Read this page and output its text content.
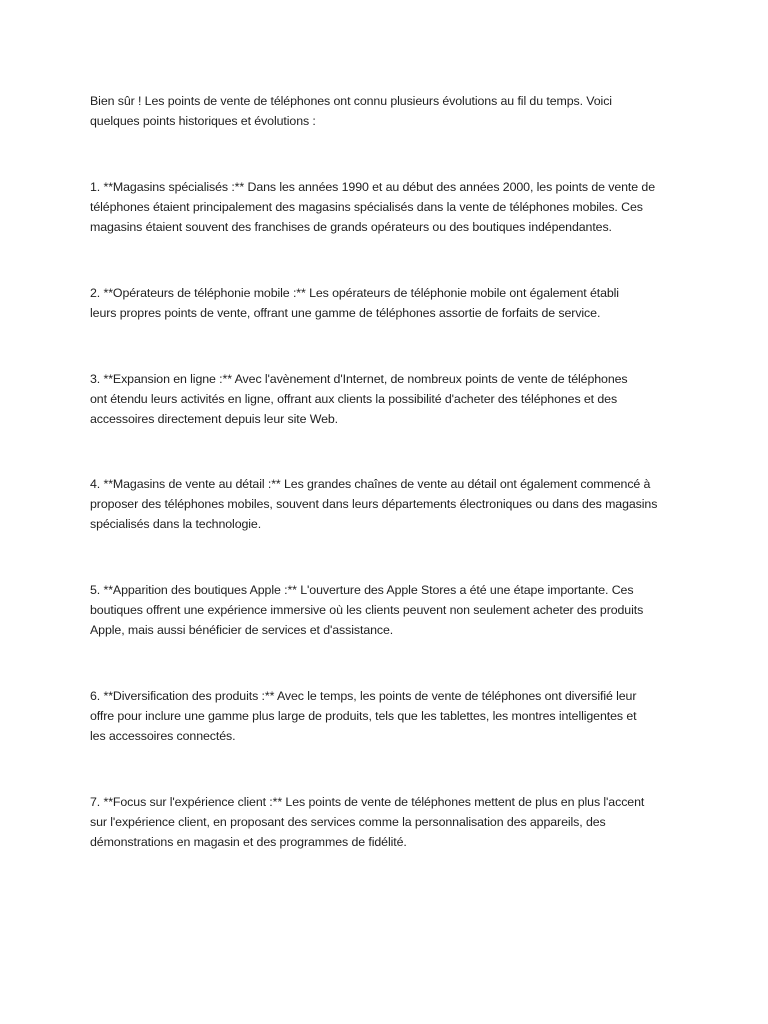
Bien sûr ! Les points de vente de téléphones ont connu plusieurs évolutions au fil du temps. Voici
quelques points historiques et évolutions :

1. **Magasins spécialisés :** Dans les années 1990 et au début des années 2000, les points de vente de
téléphones étaient principalement des magasins spécialisés dans la vente de téléphones mobiles. Ces
magasins étaient souvent des franchises de grands opérateurs ou des boutiques indépendantes.

2. **Opérateurs de téléphonie mobile :** Les opérateurs de téléphonie mobile ont également établi
leurs propres points de vente, offrant une gamme de téléphones assortie de forfaits de service.

3. **Expansion en ligne :** Avec l'avènement d'Internet, de nombreux points de vente de téléphones
ont étendu leurs activités en ligne, offrant aux clients la possibilité d'acheter des téléphones et des
accessoires directement depuis leur site Web.

4. **Magasins de vente au détail :** Les grandes chaînes de vente au détail ont également commencé à
proposer des téléphones mobiles, souvent dans leurs départements électroniques ou dans des magasins
spécialisés dans la technologie.

5. **Apparition des boutiques Apple :** L'ouverture des Apple Stores a été une étape importante. Ces
boutiques offrent une expérience immersive où les clients peuvent non seulement acheter des produits
Apple, mais aussi bénéficier de services et d'assistance.

6. **Diversification des produits :** Avec le temps, les points de vente de téléphones ont diversifié leur
offre pour inclure une gamme plus large de produits, tels que les tablettes, les montres intelligentes et
les accessoires connectés.

7. **Focus sur l'expérience client :** Les points de vente de téléphones mettent de plus en plus l'accent
sur l'expérience client, en proposant des services comme la personnalisation des appareils, des
démonstrations en magasin et des programmes de fidélité.
